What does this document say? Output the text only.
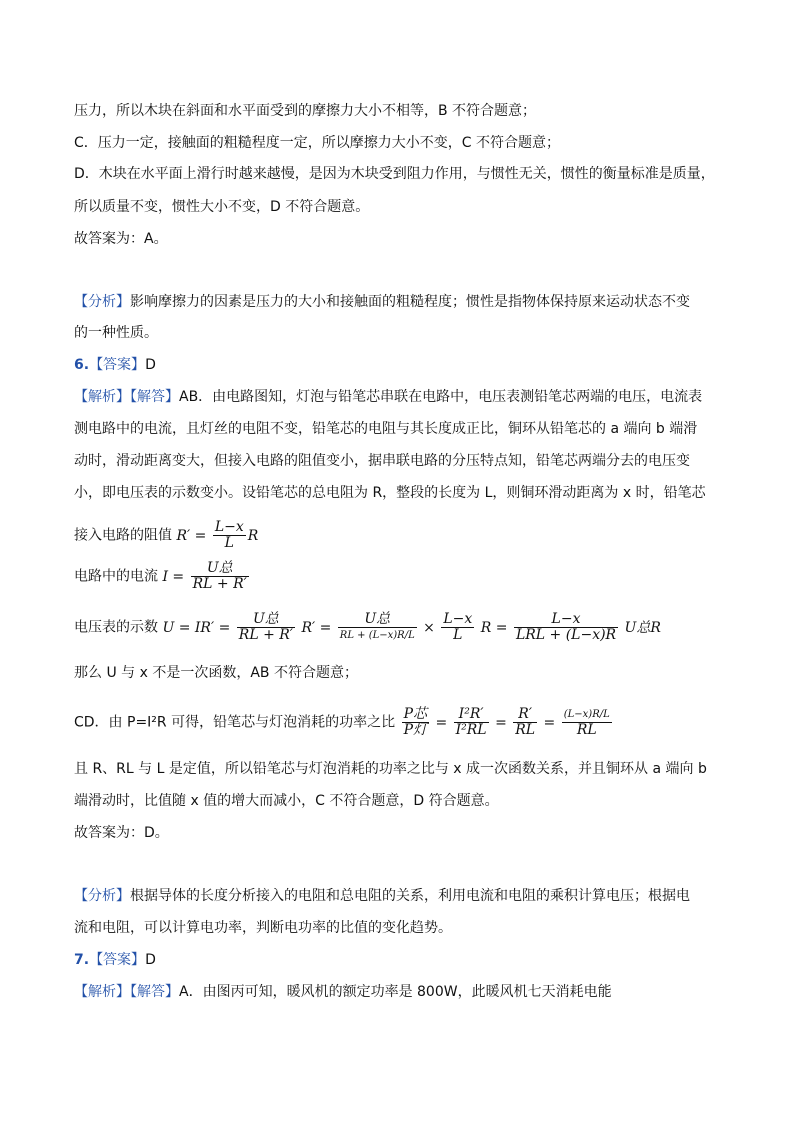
压力，所以木块在斜面和水平面受到的摩擦力大小不相等，B 不符合题意；
C．压力一定，接触面的粗糙程度一定，所以摩擦力大小不变，C 不符合题意；
D．木块在水平面上滑行时越来越慢，是因为木块受到阻力作用，与惯性无关，惯性的衡量标准是质量，
所以质量不变，惯性大小不变，D 不符合题意。
故答案为：A。
【分析】影响摩擦力的因素是压力的大小和接触面的粗糙程度；惯性是指物体保持原来运动状态不变
的一种性质。
6.【答案】D
【解析】【解答】AB．由电路图知，灯泡与铅笔芯串联在电路中，电压表测铅笔芯两端的电压，电流表
测电路中的电流，且灯丝的电阻不变，铅笔芯的电阻与其长度成正比，铜环从铅笔芯的 a 端向 b 端滑
动时，滑动距离变大，但接入电路的阻值变小，据串联电路的分压特点知，铅笔芯两端分去的电压变
小，即电压表的示数变小。设铅笔芯的总电阻为 R，整段的长度为 L，则铜环滑动距离为 x 时，铅笔芯
接入电路的阻值 $R' = \frac{L-x}{L}$ R
电路中的电流 $I = \frac{\text{U总}}{RL + R'}$
电压表的示数 $U = IR' = \frac{\text{U总}}{RL + R'} R' = \frac{\text{U总}}{RL + (L-x)R/L} \times \frac{L-x}{L}$ $R = \frac{L-x}{\text{LRL + (L−x)R}}$ U总R
那么 U 与 x 不是一次函数，AB 不符合题意；
CD．由 P=I²R 可得，铅笔芯与灯泡消耗的功率之比 $\frac{\text{P芯}}{\text{P灯}} = \frac{\text{I²R′}}{\text{I²RL}} = \frac{R'}{RL} = \frac{(L-x)R/L}{RL}$
且 R、RL 与 L 是定值，所以铅笔芯与灯泡消耗的功率之比与 x 成一次函数关系，并且铜环从 a 端向 b
端滑动时，比值随 x 值的增大而减小，C 不符合题意，D 符合题意。
故答案为：D。
【分析】根据导体的长度分析接入的电阻和总电阻的关系，利用电流和电阻的乘积计算电压；根据电
流和电阻，可以计算电功率，判断电功率的比值的变化趋势。
7.【答案】D
【解析】【解答】A．由图丙可知，暖风机的额定功率是 800W，此暖风机七天消耗电能
